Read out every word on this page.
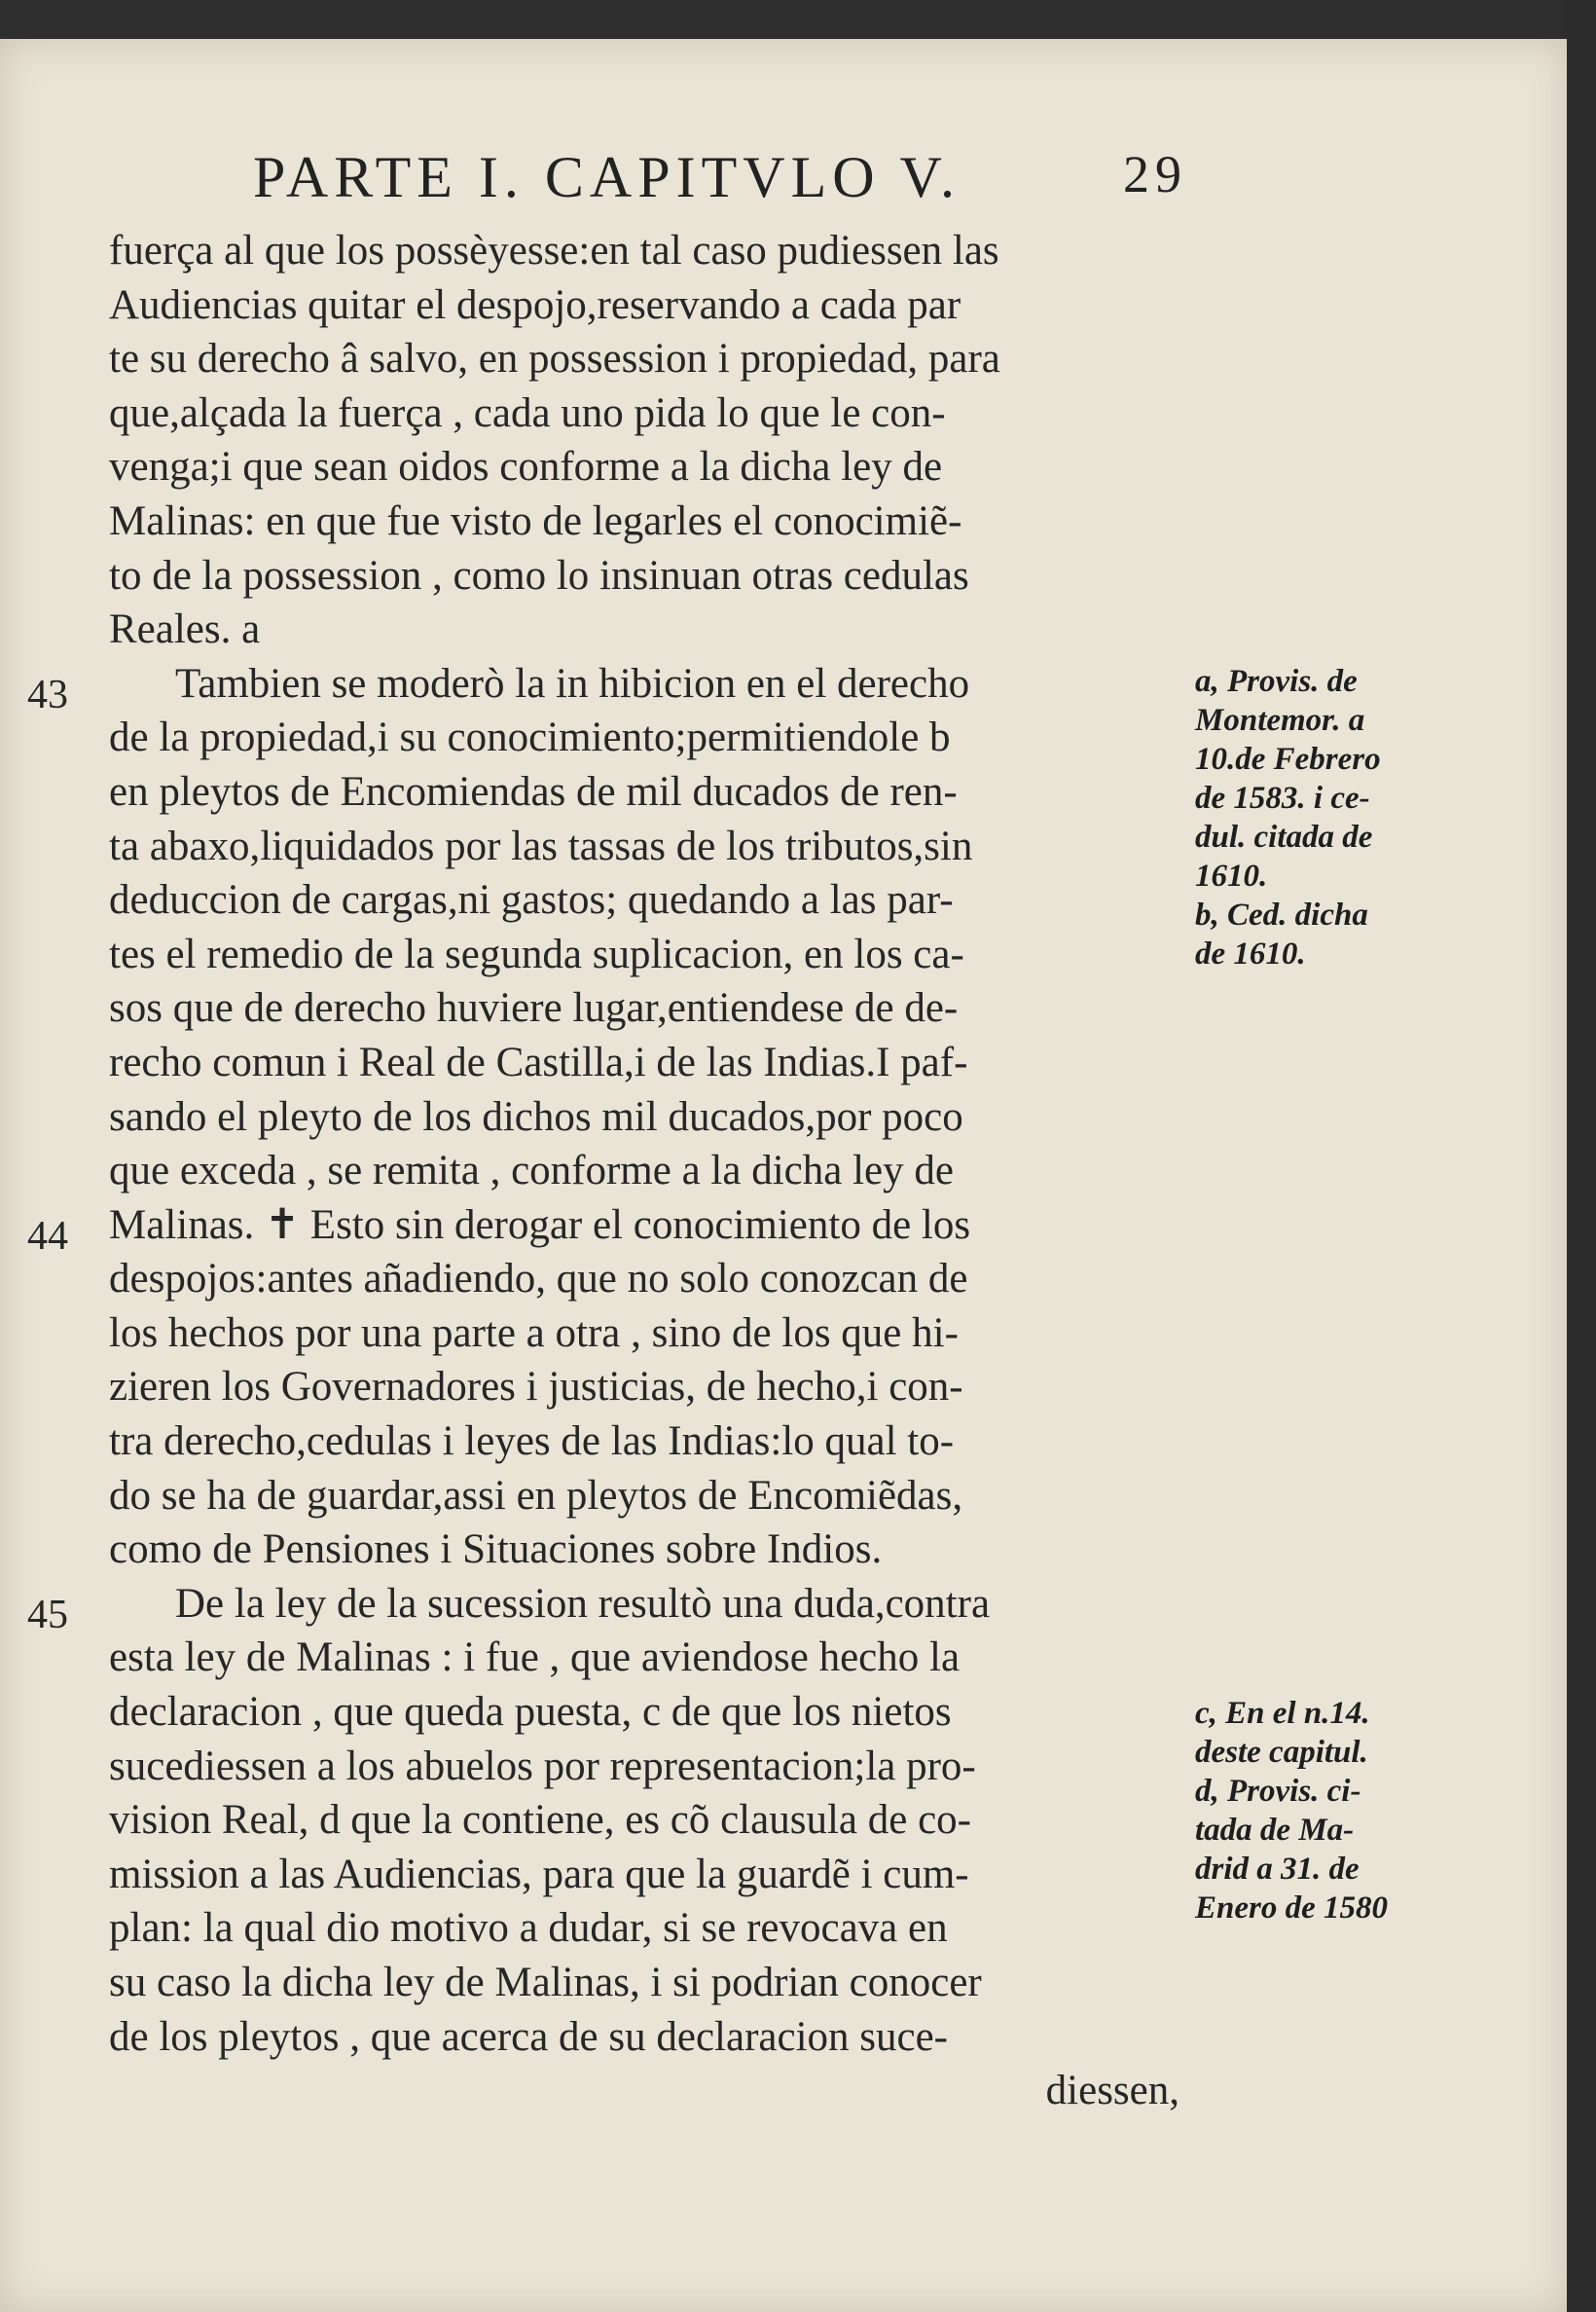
PARTE I. CAPITVLO V.	29
43
44
45
fuerça al que los possèyesse:en tal caso pudiessen las
Audiencias quitar el despojo,reservando a cada par
te su derecho â salvo, en possession i propiedad, para
que,alçada la fuerça , cada uno pida lo que le con-
venga;i que sean oidos conforme a la dicha ley de
Malinas: en que fue visto de legarles el conocimiẽ-
to de la possession , como lo insinuan otras cedulas
Reales. a
Tambien se moderò la in hibicion en el derecho
de la propiedad,i su conocimiento;permitiendole b
en pleytos de Encomiendas de mil ducados de ren-
ta abaxo,liquidados por las tassas de los tributos,sin
deduccion de cargas,ni gastos; quedando a las par-
tes el remedio de la segunda suplicacion, en los ca-
sos que de derecho huviere lugar,entiendese de de-
recho comun i Real de Castilla,i de las Indias.I paf-
sando el pleyto de los dichos mil ducados,por poco
que exceda , se remita , conforme a la dicha ley de
Malinas. ✝ Esto sin derogar el conocimiento de los
despojos:antes añadiendo, que no solo conozcan de
los hechos por una parte a otra , sino de los que hi-
zieren los Governadores i justicias, de hecho,i con-
tra derecho,cedulas i leyes de las Indias:lo qual to-
do se ha de guardar,assi en pleytos de Encomiẽdas,
como de Pensiones i Situaciones sobre Indios.
De la ley de la sucession resultò una duda,contra
esta ley de Malinas : i fue , que aviendose hecho la
declaracion , que queda puesta, c de que los nietos
sucediessen a los abuelos por representacion;la pro-
vision Real, d que la contiene, es cõ clausula de co-
mission a las Audiencias, para que la guardẽ i cum-
plan: la qual dio motivo a dudar, si se revocava en
su caso la dicha ley de Malinas, i si podrian conocer
de los pleytos , que acerca de su declaracion suce-
diessen,
a, Provis. de
Montemor. a
10.de Febrero
de 1583. i ce-
dul. citada de
1610.
b, Ced. dicha
de 1610.
c, En el n.14.
deste capitul.
d, Provis. ci-
tada de Ma-
drid a 31. de
Enero de 1580
